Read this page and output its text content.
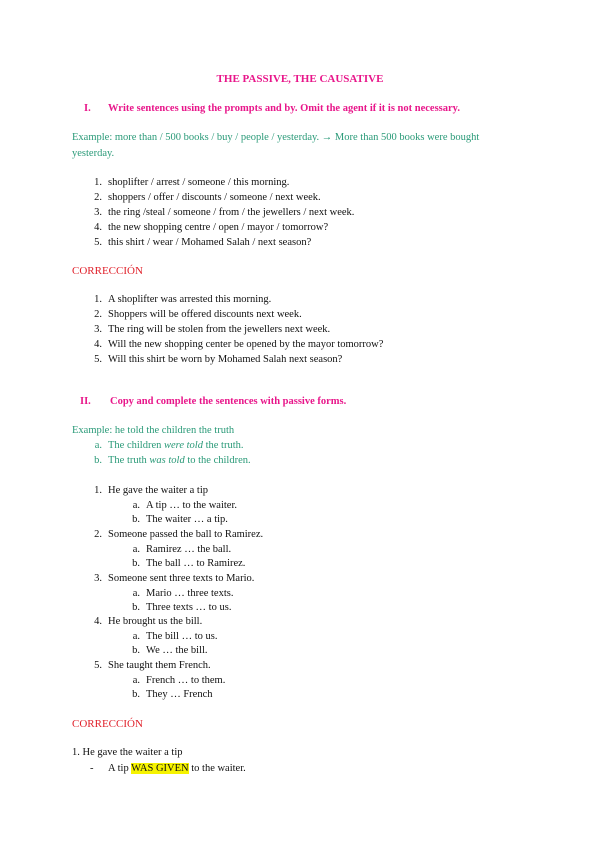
THE PASSIVE, THE CAUSATIVE
I. Write sentences using the prompts and by. Omit the agent if it is not necessary.
Example: more than / 500 books / buy / people / yesterday. → More than 500 books were bought
yesterday.
1. shoplifter / arrest / someone / this morning.
2. shoppers / offer / discounts / someone / next week.
3. the ring /steal / someone / from / the jewellers / next week.
4. the new shopping centre / open / mayor / tomorrow?
5. this shirt / wear / Mohamed Salah / next season?
CORRECCIÓN
1. A shoplifter was arrested this morning.
2. Shoppers will be offered discounts next week.
3. The ring will be stolen from the jewellers next week.
4. Will the new shopping center be opened by the mayor tomorrow?
5. Will this shirt be worn by Mohamed Salah next season?
II. Copy and complete the sentences with passive forms.
Example: he told the children the truth
a. The children were told the truth.
b. The truth was told to the children.
1. He gave the waiter a tip
a. A tip … to the waiter.
b. The waiter … a tip.
2. Someone passed the ball to Ramirez.
a. Ramirez … the ball.
b. The ball … to Ramirez.
3. Someone sent three texts to Mario.
a. Mario … three texts.
b. Three texts … to us.
4. He brought us the bill.
a. The bill … to us.
b. We … the bill.
5. She taught them French.
a. French … to them.
b. They … French
CORRECCIÓN
1. He gave the waiter a tip
- A tip WAS GIVEN to the waiter.
